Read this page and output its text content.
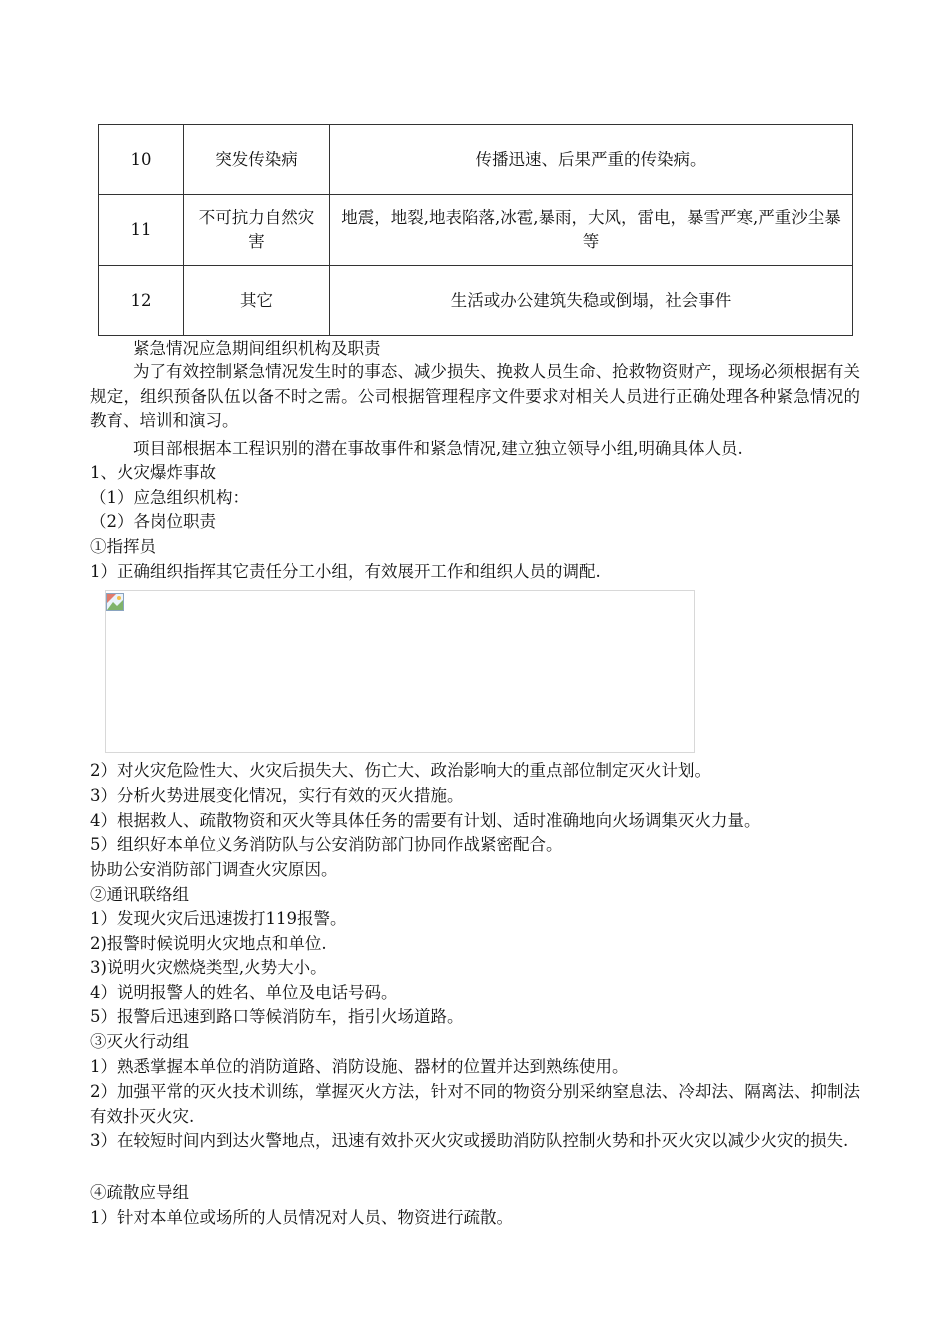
10	突发传染病	传播迅速、后果严重的传染病。
11	不可抗力自然灾害	地震，地裂,地表陷落,冰雹,暴雨，大风，雷电，暴雪严寒,严重沙尘暴等
12	其它	生活或办公建筑失稳或倒塌，社会事件
紧急情况应急期间组织机构及职责
为了有效控制紧急情况发生时的事态、减少损失、挽救人员生命、抢救物资财产，现场必须根据有关规定，组织预备队伍以备不时之需。公司根据管理程序文件要求对相关人员进行正确处理各种紧急情况的教育、培训和演习。
项目部根据本工程识别的潜在事故事件和紧急情况,建立独立领导小组,明确具体人员.
1、火灾爆炸事故
（1）应急组织机构：
（2）各岗位职责
①指挥员
1）正确组织指挥其它责任分工小组，有效展开工作和组织人员的调配.
2）对火灾危险性大、火灾后损失大、伤亡大、政治影响大的重点部位制定灭火计划。
3）分析火势进展变化情况，实行有效的灭火措施。
4）根据救人、疏散物资和灭火等具体任务的需要有计划、适时准确地向火场调集灭火力量。
5）组织好本单位义务消防队与公安消防部门协同作战紧密配合。
协助公安消防部门调查火灾原因。
②通讯联络组
1）发现火灾后迅速拨打119报警。
2)报警时候说明火灾地点和单位.
3)说明火灾燃烧类型,火势大小。
4）说明报警人的姓名、单位及电话号码。
5）报警后迅速到路口等候消防车，指引火场道路。
③灭火行动组
1）熟悉掌握本单位的消防道路、消防设施、器材的位置并达到熟练使用。
2）加强平常的灭火技术训练，掌握灭火方法，针对不同的物资分别采纳窒息法、冷却法、隔离法、抑制法有效扑灭火灾.
3）在较短时间内到达火警地点，迅速有效扑灭火灾或援助消防队控制火势和扑灭火灾以减少火灾的损失.
④疏散应导组
1）针对本单位或场所的人员情况对人员、物资进行疏散。
